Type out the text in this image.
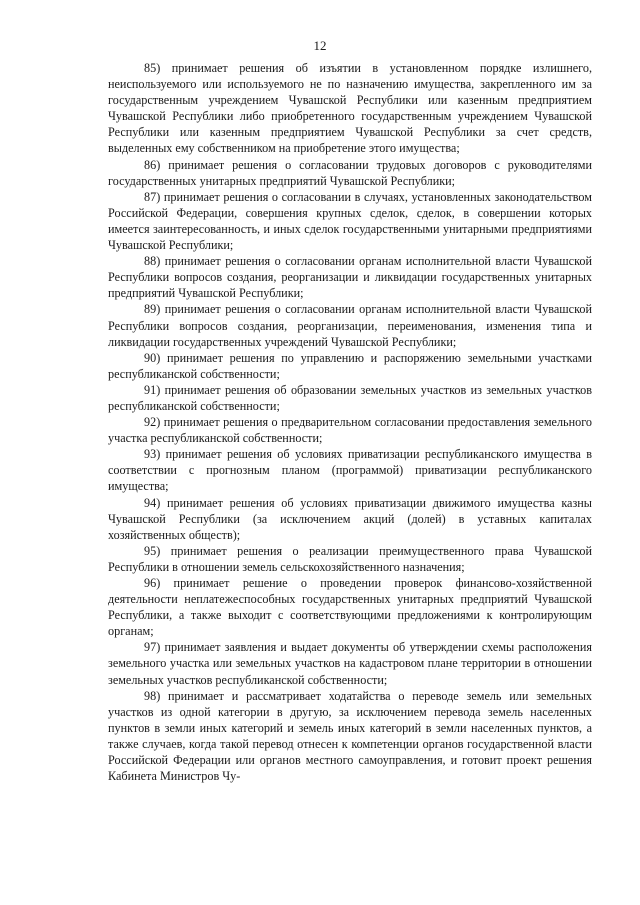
12

85) принимает решения об изъятии в установленном порядке излишнего, неиспользуемого или используемого не по назначению имущества, закрепленного им за государственным учреждением Чувашской Республики или казенным предприятием Чувашской Республики либо приобретенного государственным учреждением Чувашской Республики или казенным предприятием Чувашской Республики за счет средств, выделенных ему собственником на приобретение этого имущества;

86) принимает решения о согласовании трудовых договоров с руководителями государственных унитарных предприятий Чувашской Республики;

87) принимает решения о согласовании в случаях, установленных законодательством Российской Федерации, совершения крупных сделок, сделок, в совершении которых имеется заинтересованность, и иных сделок государственными унитарными предприятиями Чувашской Республики;

88) принимает решения о согласовании органам исполнительной власти Чувашской Республики вопросов создания, реорганизации и ликвидации государственных унитарных предприятий Чувашской Республики;

89) принимает решения о согласовании органам исполнительной власти Чувашской Республики вопросов создания, реорганизации, переименования, изменения типа и ликвидации государственных учреждений Чувашской Республики;

90) принимает решения по управлению и распоряжению земельными участками республиканской собственности;

91) принимает решения об образовании земельных участков из земельных участков республиканской собственности;

92) принимает решения о предварительном согласовании предоставления земельного участка республиканской собственности;

93) принимает решения об условиях приватизации республиканского имущества в соответствии с прогнозным планом (программой) приватизации республиканского имущества;

94) принимает решения об условиях приватизации движимого имущества казны Чувашской Республики (за исключением акций (долей) в уставных капиталах хозяйственных обществ);

95) принимает решения о реализации преимущественного права Чувашской Республики в отношении земель сельскохозяйственного назначения;

96) принимает решение о проведении проверок финансово-хозяйственной деятельности неплатежеспособных государственных унитарных предприятий Чувашской Республики, а также выходит с соответствующими предложениями к контролирующим органам;

97) принимает заявления и выдает документы об утверждении схемы расположения земельного участка или земельных участков на кадастровом плане территории в отношении земельных участков республиканской собственности;

98) принимает и рассматривает ходатайства о переводе земель или земельных участков из одной категории в другую, за исключением перевода земель населенных пунктов в земли иных категорий и земель иных категорий в земли населенных пунктов, а также случаев, когда такой перевод отнесен к компетенции органов государственной власти Российской Федерации или органов местного самоуправления, и готовит проект решения Кабинета Министров Чу-
